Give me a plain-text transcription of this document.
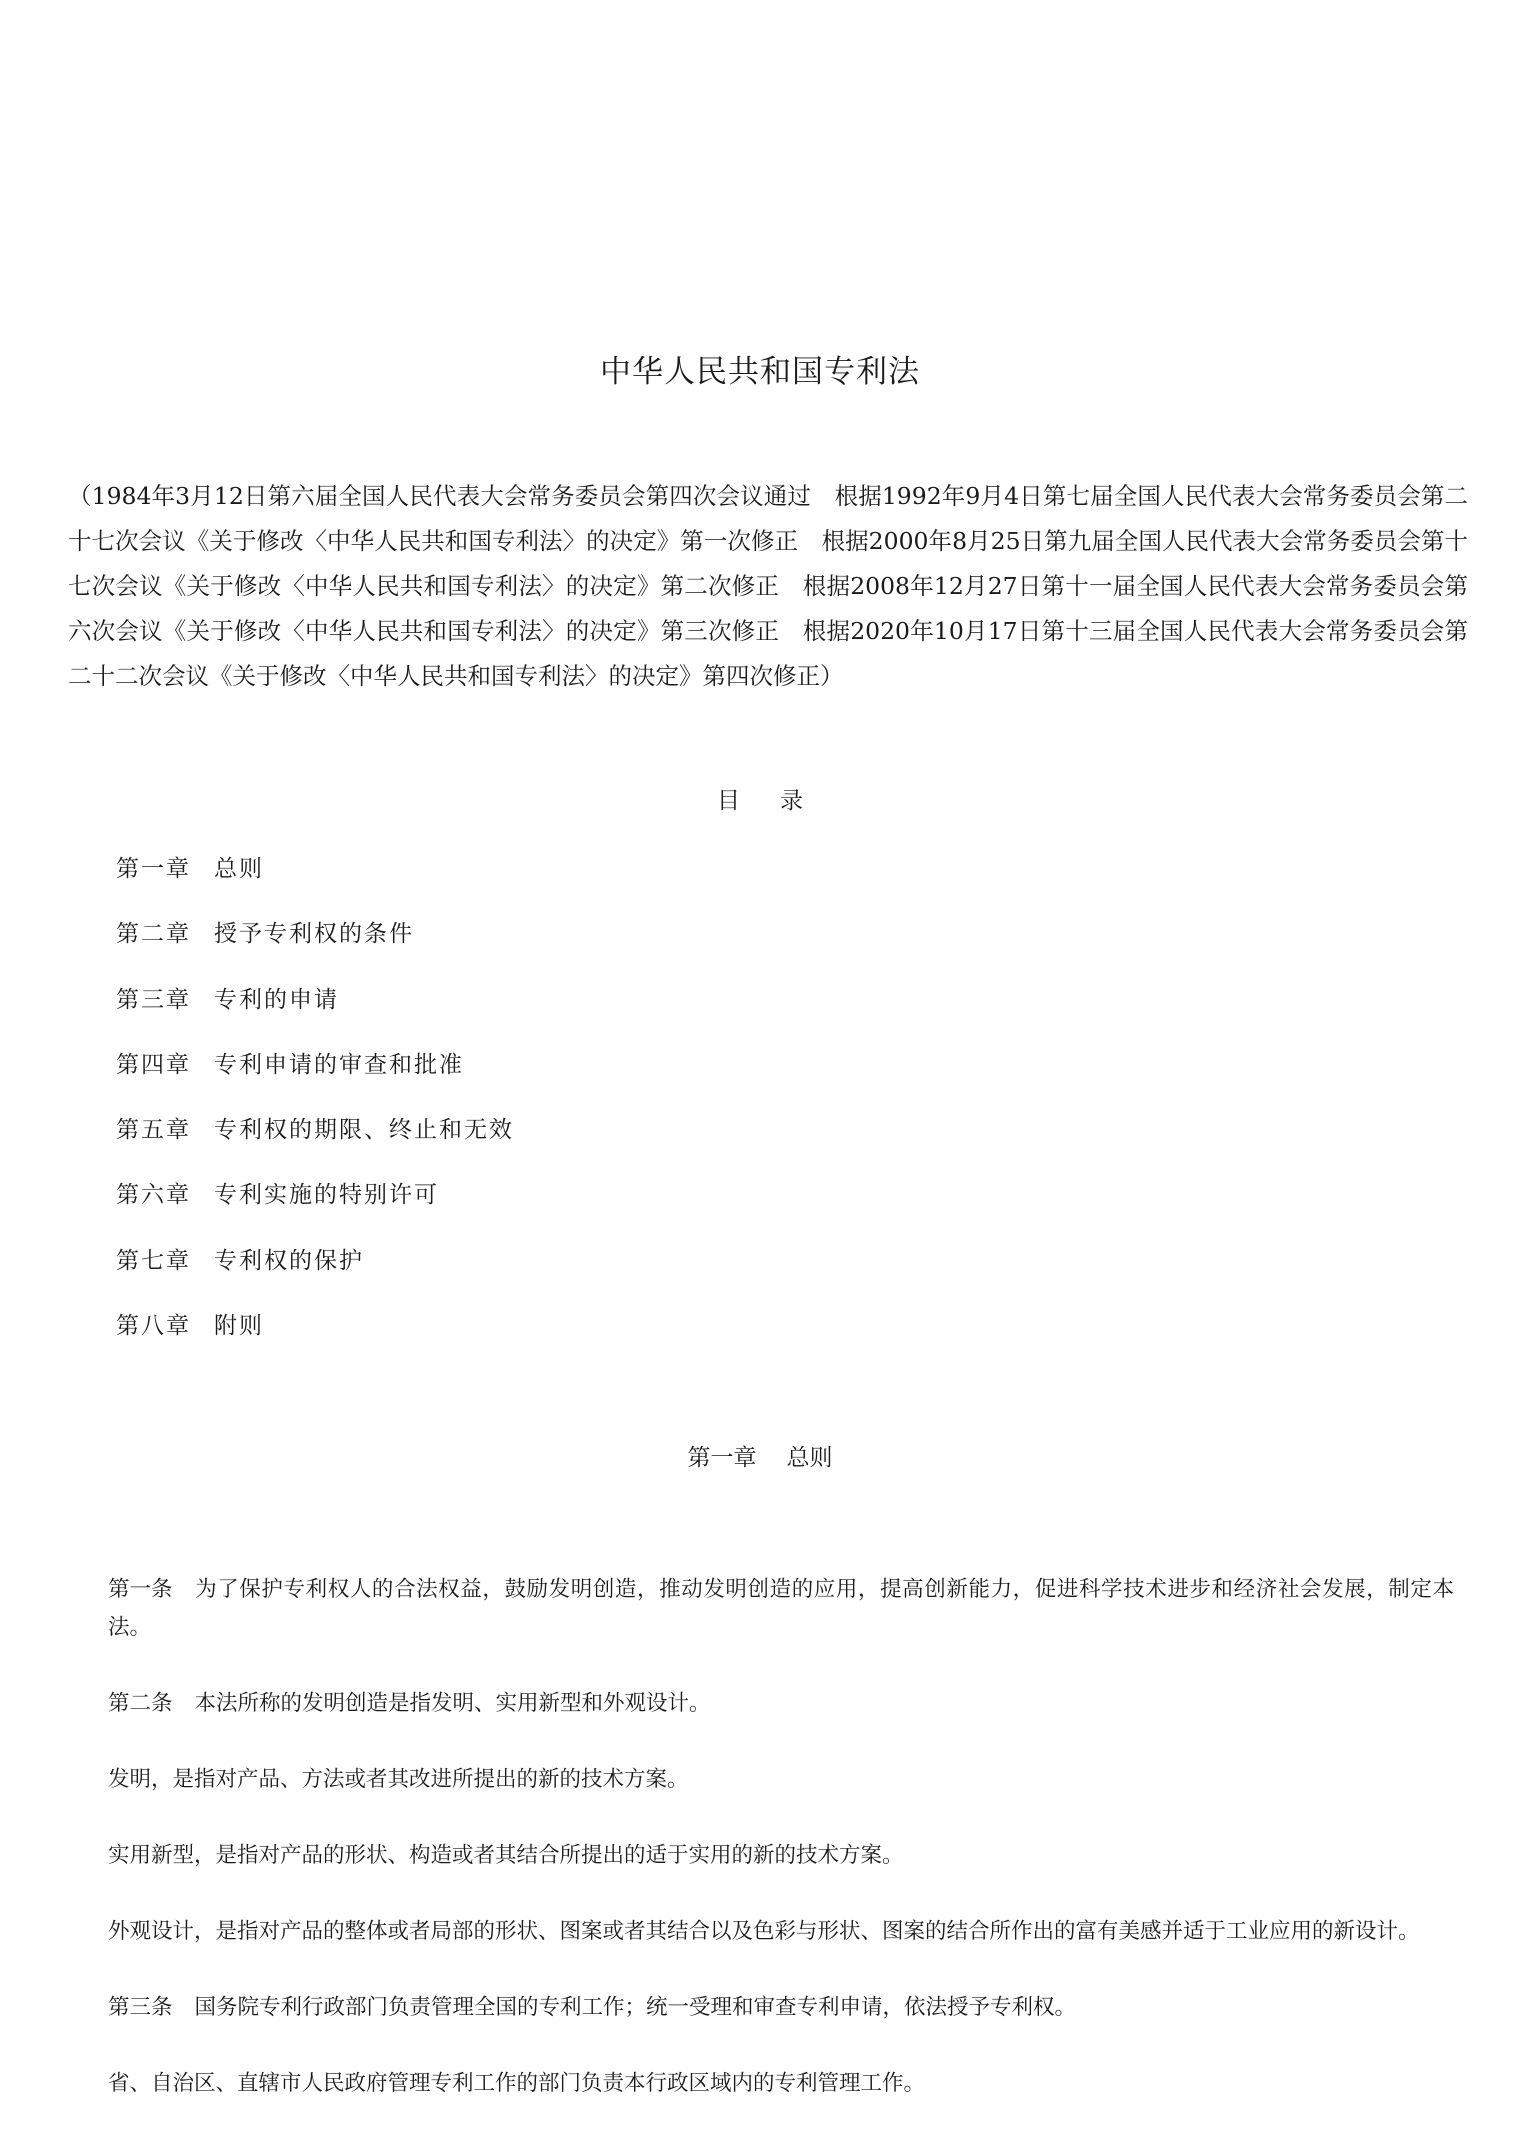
中华人民共和国专利法

（1984年3月12日第六届全国人民代表大会常务委员会第四次会议通过　根据1992年9月4日第七届全国人民代表大会常务委员会第二十七次会议《关于修改〈中华人民共和国专利法〉的决定》第一次修正　根据2000年8月25日第九届全国人民代表大会常务委员会第十七次会议《关于修改〈中华人民共和国专利法〉的决定》第二次修正　根据2008年12月27日第十一届全国人民代表大会常务委员会第六次会议《关于修改〈中华人民共和国专利法〉的决定》第三次修正　根据2020年10月17日第十三届全国人民代表大会常务委员会第二十二次会议《关于修改〈中华人民共和国专利法〉的决定》第四次修正）

目录
第一章 总则
第二章 授予专利权的条件
第三章 专利的申请
第四章 专利申请的审查和批准
第五章 专利权的期限、终止和无效
第六章 专利实施的特别许可
第七章 专利权的保护
第八章 附则
第一章 总则

第一条 为了保护专利权人的合法权益，鼓励发明创造，推动发明创造的应用，提高创新能力，促进科学技术进步和经济社会发展，制定本法。

第二条 本法所称的发明创造是指发明、实用新型和外观设计。

发明，是指对产品、方法或者其改进所提出的新的技术方案。

实用新型，是指对产品的形状、构造或者其结合所提出的适于实用的新的技术方案。

外观设计，是指对产品的整体或者局部的形状、图案或者其结合以及色彩与形状、图案的结合所作出的富有美感并适于工业应用的新设计。

第三条 国务院专利行政部门负责管理全国的专利工作；统一受理和审查专利申请，依法授予专利权。

省、自治区、直辖市人民政府管理专利工作的部门负责本行政区域内的专利管理工作。
